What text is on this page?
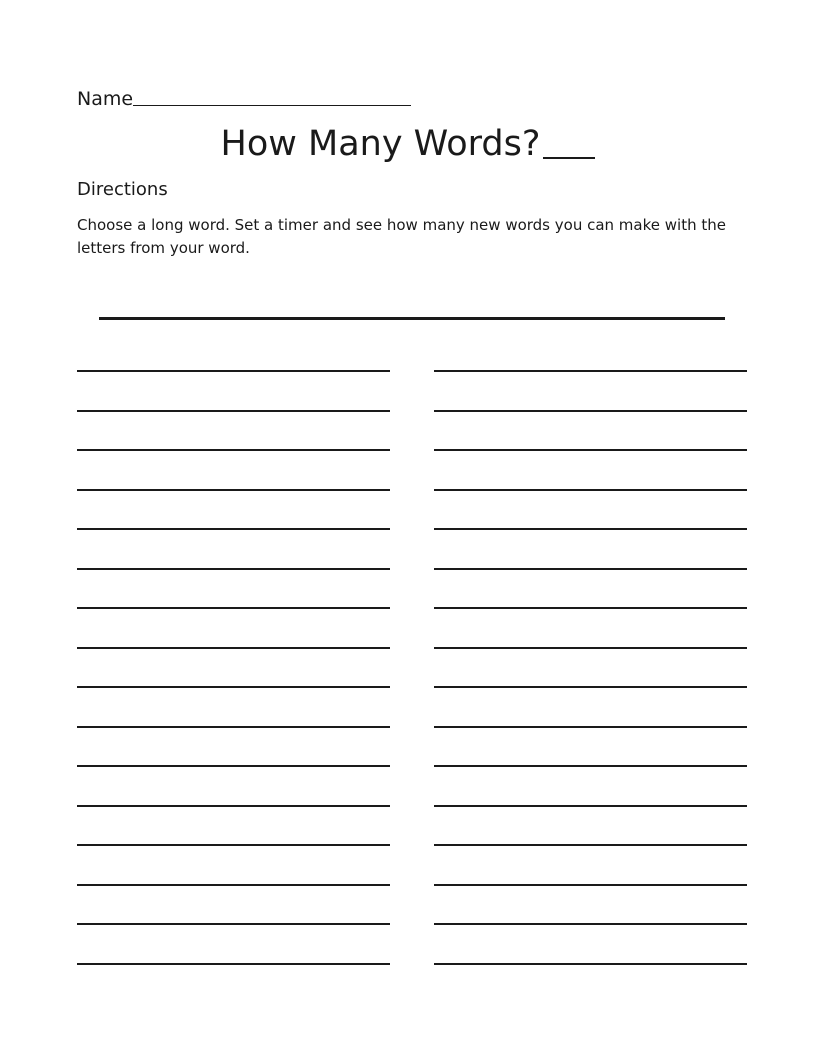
Name
How Many Words?
Directions
Choose a long word. Set a timer and see how many new words you can make with the letters from your word.
